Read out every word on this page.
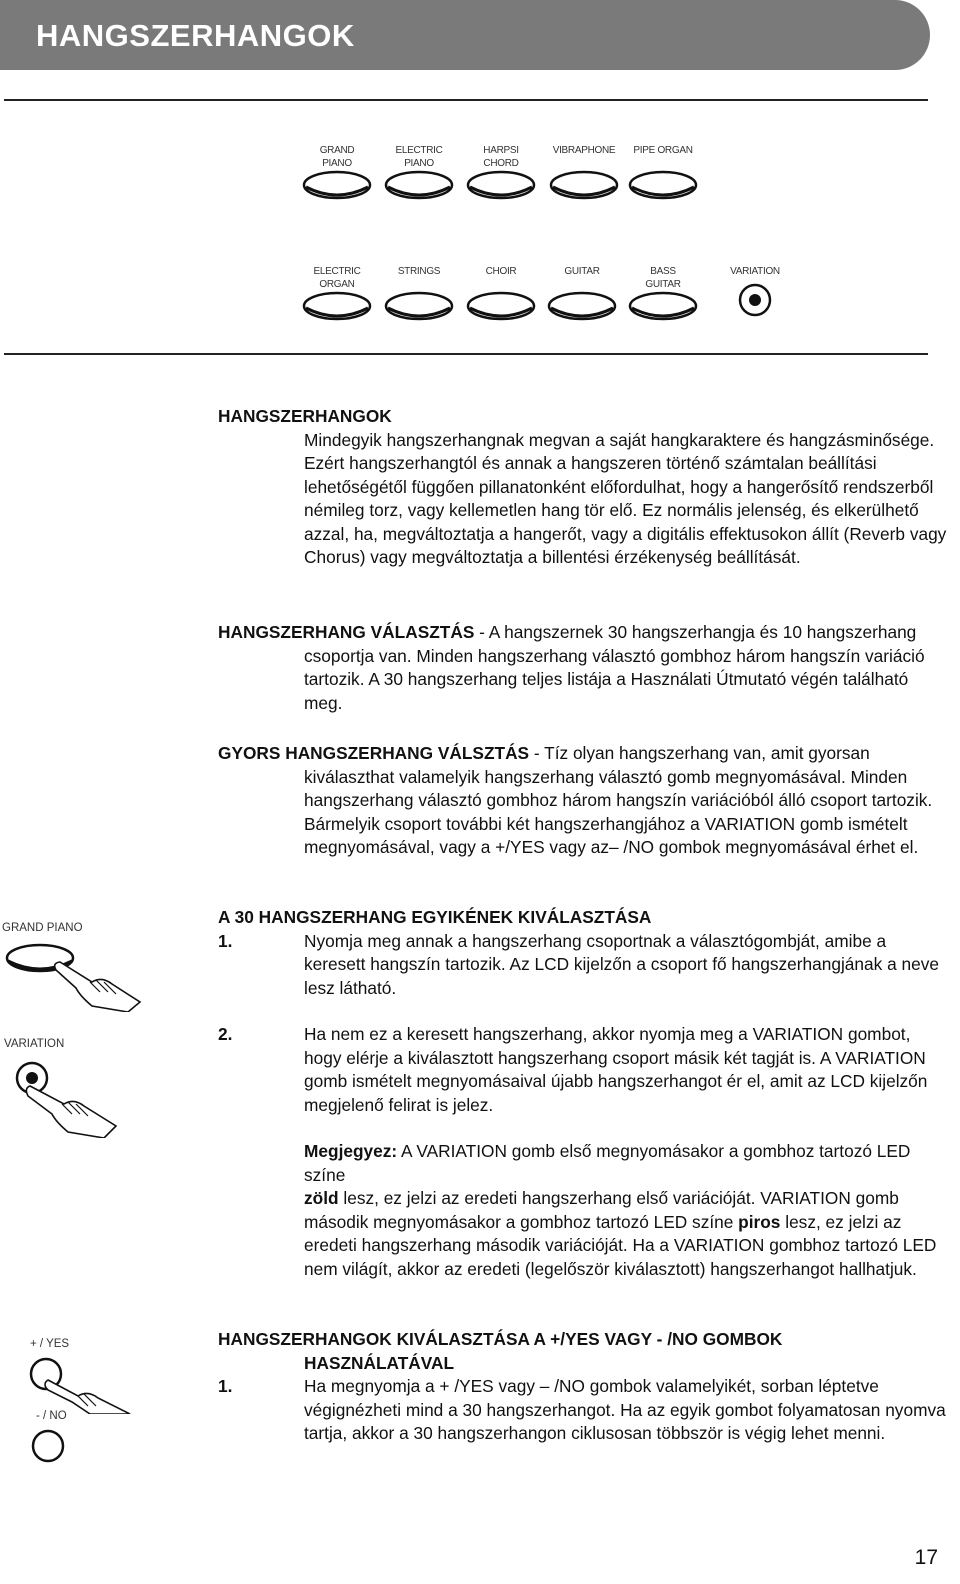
HANGSZERHANGOK
GRAND
PIANO
ELECTRIC
PIANO
HARPSI
CHORD
VIBRAPHONE	PIPE ORGAN
ELECTRIC
ORGAN
STRINGS	CHOIR	GUITAR	BASS
GUITAR
VARIATION

HANGSZERHANGOK

Mindegyik hangszerhangnak megvan a saját hangkaraktere és hangzásminősége. Ezért hangszerhangtól és annak a hangszeren történő számtalan beállítási lehetőségétől függően pillanatonként előfordulhat, hogy a hangerősítő rendszerből némileg torz, vagy kellemetlen hang tör elő. Ez normális jelenség, és elkerülhető azzal, ha, megváltoztatja a hangerőt, vagy a digitális effektusokon állít (Reverb vagy Chorus) vagy megváltoztatja a billentési érzékenység beállítását.

HANGSZERHANG VÁLASZTÁS - A hangszernek 30 hangszerhangja és 10 hangszerhang csoportja van. Minden hangszerhang választó gombhoz három hangszín variáció tartozik. A 30 hangszerhang teljes listája a Használati Útmutató végén található meg.

GYORS HANGSZERHANG VÁLSZTÁS - Tíz olyan hangszerhang van, amit gyorsan kiválaszthat valamelyik hangszerhang választó gomb megnyomásával. Minden hangszerhang választó gombhoz három hangszín variációból álló csoport tartozik. Bármelyik csoport további két hangszerhangjához a VARIATION gomb ismételt megnyomásával, vagy a +/YES vagy az– /NO gombok megnyomásával érhet el.

A 30 HANGSZERHANG EGYIKÉNEK KIVÁLASZTÁSA

1.	Nyomja meg annak a hangszerhang csoportnak a választógombját, amibe a keresett hangszín tartozik. Az LCD kijelzőn a csoport fő hangszerhangjának a neve lesz látható.

2.	Ha nem ez a keresett hangszerhang, akkor nyomja meg a VARIATION gombot, hogy elérje a kiválasztott hangszerhang csoport másik két tagját is. A VARIATION gomb ismételt megnyomásaival újabb hangszerhangot ér el, amit az LCD kijelzőn megjelenő felirat is jelez.

Megjegyez: A VARIATION gomb első megnyomásakor a gombhoz tartozó LED színe
zöld lesz, ez jelzi az eredeti hangszerhang első variációját. VARIATION gomb második megnyomásakor a gombhoz tartozó LED színe piros lesz, ez jelzi az eredeti hangszerhang második variációját. Ha a VARIATION gombhoz tartozó LED nem világít, akkor az eredeti (legelőször kiválasztott) hangszerhangot hallhatjuk.

HANGSZERHANGOK KIVÁLASZTÁSA A +/YES VAGY - /NO GOMBOK

HASZNÁLATÁVAL

1.	Ha megnyomja a + /YES vagy – /NO gombok valamelyikét, sorban léptetve végignézheti mind a 30 hangszerhangot. Ha az egyik gombot folyamatosan nyomva tartja, akkor a 30 hangszerhangon ciklusosan többször is végig lehet menni.

GRAND PIANO
VARIATION
+ / YES
- / NO
17
